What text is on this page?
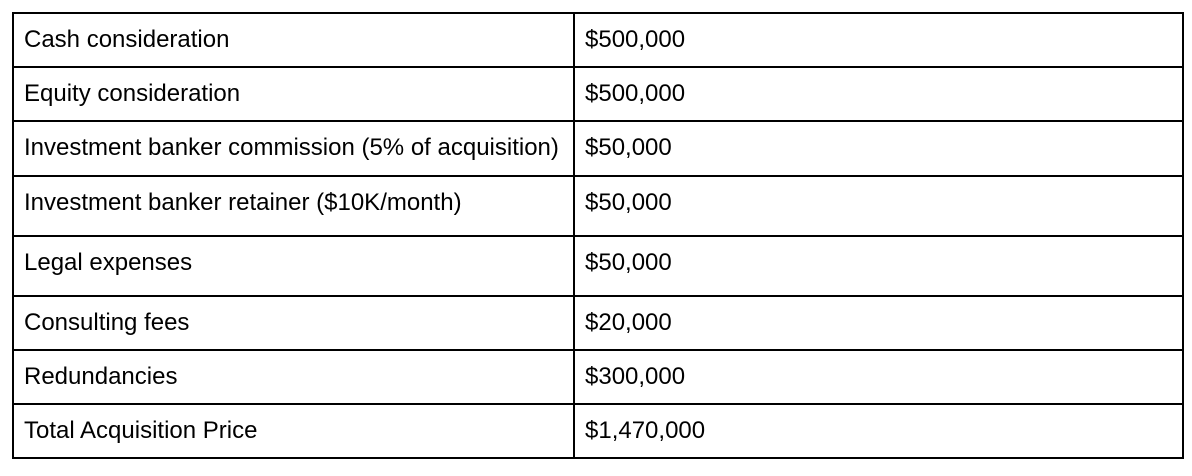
Cash consideration	$500,000
Equity consideration	$500,000
Investment banker commission (5% of acquisition)	$50,000
Investment banker retainer ($10K/month)	$50,000
Legal expenses	$50,000
Consulting fees	$20,000
Redundancies	$300,000
Total Acquisition Price	$1,470,000
